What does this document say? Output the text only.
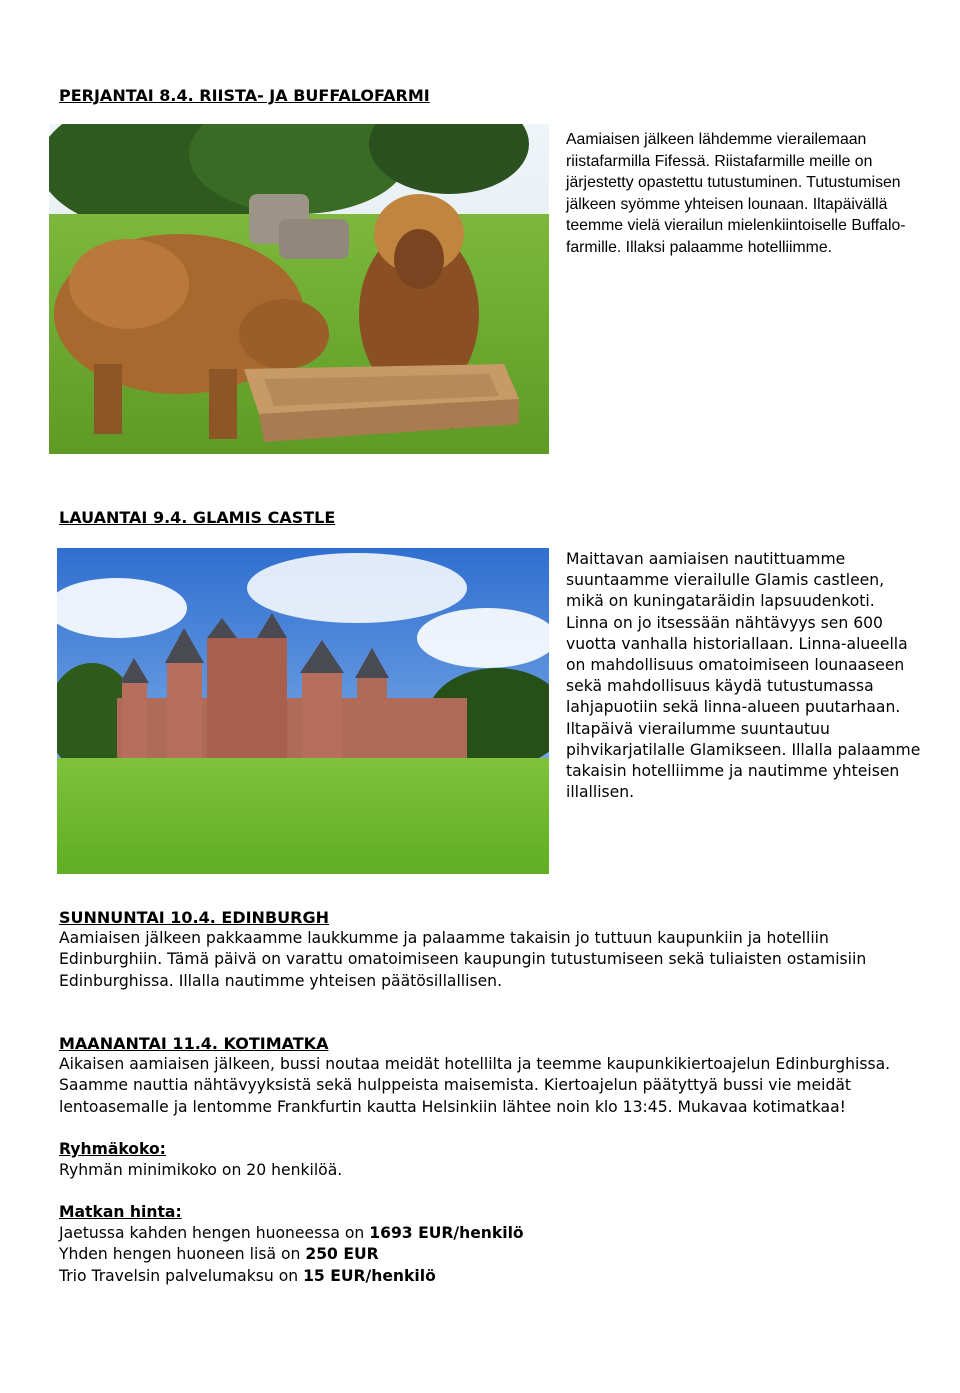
PERJANTAI 8.4. RIISTA- JA BUFFALOFARMI

Aamiaisen jälkeen lähdemme vierailemaan riistafarmilla Fifessä. Riistafarmille meille on järjestetty opastettu tutustuminen. Tutustumisen jälkeen syömme yhteisen lounaan. Iltapäivällä teemme vielä vierailun mielenkiintoiselle Buffalo-farmille. Illaksi palaamme hotelliimme.

LAUANTAI 9.4. GLAMIS CASTLE

Maittavan aamiaisen nautittuamme suuntaamme vierailulle Glamis castleen, mikä on kuningataräidin lapsuudenkoti. Linna on jo itsessään nähtävyys sen 600 vuotta vanhalla historiallaan. Linna-alueella on mahdollisuus omatoimiseen lounaaseen sekä mahdollisuus käydä tutustumassa lahjapuotiin sekä linna-alueen puutarhaan. Iltapäivä vierailumme suuntautuu pihvikarjatilalle Glamikseen. Illalla palaamme takaisin hotelliimme ja nautimme yhteisen illallisen.

SUNNUNTAI 10.4. EDINBURGH

Aamiaisen jälkeen pakkaamme laukkumme ja palaamme takaisin jo tuttuun kaupunkiin ja hotelliin Edinburghiin. Tämä päivä on varattu omatoimiseen kaupungin tutustumiseen sekä tuliaisten ostamisiin Edinburghissa. Illalla nautimme yhteisen päätösillallisen.

MAANANTAI 11.4. KOTIMATKA

Aikaisen aamiaisen jälkeen, bussi noutaa meidät hotellilta ja teemme kaupunkikiertoajelun Edinburghissa. Saamme nauttia nähtävyyksistä sekä hulppeista maisemista. Kiertoajelun päätyttyä bussi vie meidät lentoasemalle ja lentomme Frankfurtin kautta Helsinkiin lähtee noin klo 13:45. Mukavaa kotimatkaa!

Ryhmäkoko:

Ryhmän minimikoko on 20 henkilöä.

Matkan hinta:

Jaetussa kahden hengen huoneessa on 1693 EUR/henkilö

Yhden hengen huoneen lisä on 250 EUR

Trio Travelsin palvelumaksu on 15 EUR/henkilö
